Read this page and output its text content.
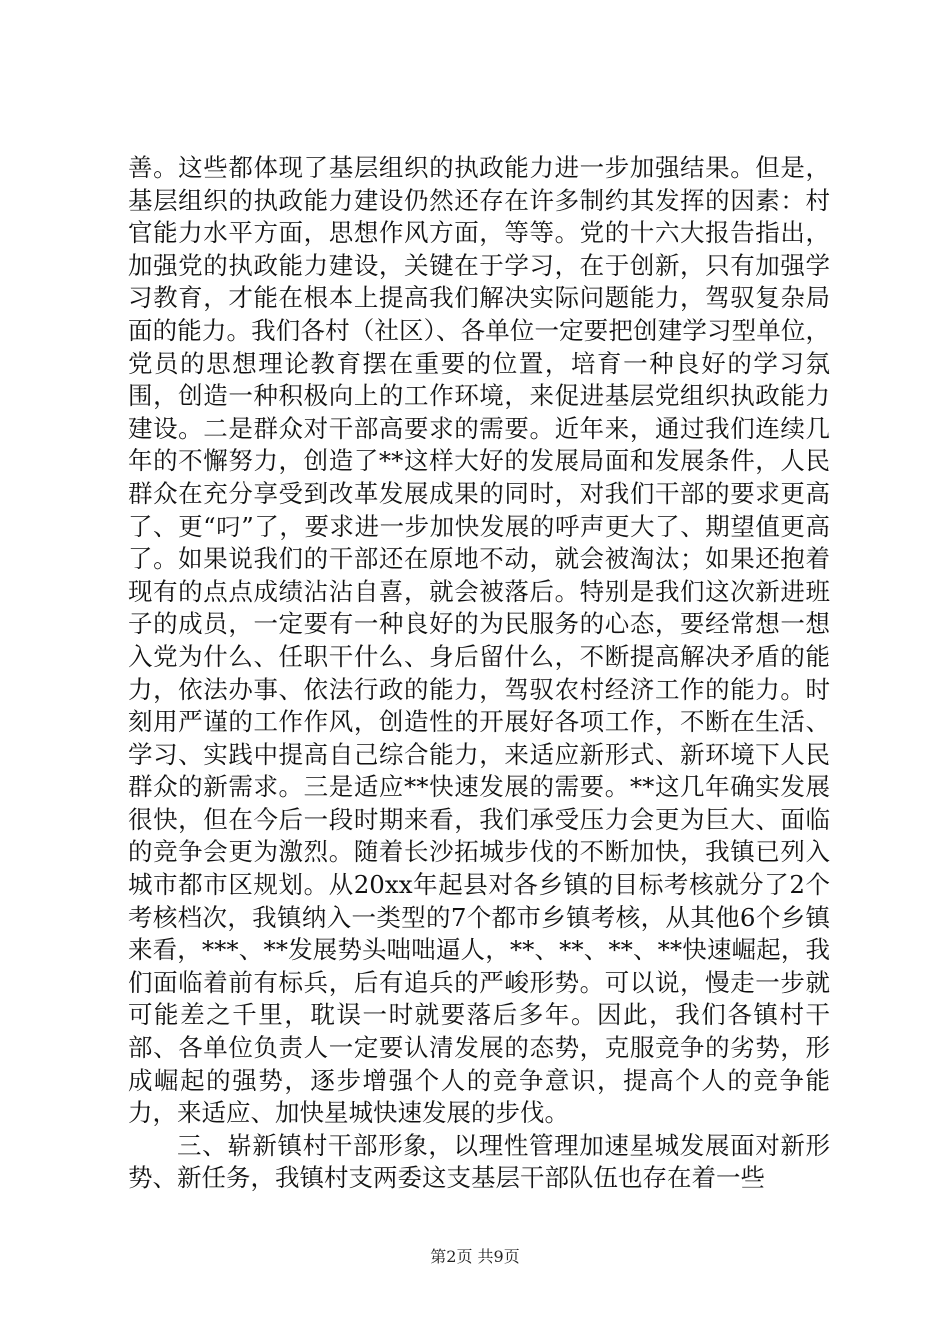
善。这些都体现了基层组织的执政能力进一步加强结果。但是，基层组织的执政能力建设仍然还存在许多制约其发挥的因素：村官能力水平方面，思想作风方面，等等。党的十六大报告指出，加强党的执政能力建设，关键在于学习，在于创新，只有加强学习教育，才能在根本上提高我们解决实际问题能力，驾驭复杂局面的能力。我们各村（社区）、各单位一定要把创建学习型单位，党员的思想理论教育摆在重要的位置，培育一种良好的学习氛围，创造一种积极向上的工作环境，来促进基层党组织执政能力建设。二是群众对干部高要求的需要。近年来，通过我们连续几年的不懈努力，创造了**这样大好的发展局面和发展条件，人民群众在充分享受到改革发展成果的同时，对我们干部的要求更高了、更“叼”了，要求进一步加快发展的呼声更大了、期望值更高了。如果说我们的干部还在原地不动，就会被淘汰；如果还抱着现有的点点成绩沾沾自喜，就会被落后。特别是我们这次新进班子的成员，一定要有一种良好的为民服务的心态，要经常想一想入党为什么、任职干什么、身后留什么，不断提高解决矛盾的能力，依法办事、依法行政的能力，驾驭农村经济工作的能力。时刻用严谨的工作作风，创造性的开展好各项工作，不断在生活、学习、实践中提高自己综合能力，来适应新形式、新环境下人民群众的新需求。三是适应**快速发展的需要。**这几年确实发展很快，但在今后一段时期来看，我们承受压力会更为巨大、面临的竞争会更为激烈。随着长沙拓城步伐的不断加快，我镇已列入城市都市区规划。从20xx年起县对各乡镇的目标考核就分了2个考核档次，我镇纳入一类型的7个都市乡镇考核，从其他6个乡镇来看，***、**发展势头咄咄逼人，**、**、**、**快速崛起，我们面临着前有标兵，后有追兵的严峻形势。可以说，慢走一步就可能差之千里，耽误一时就要落后多年。因此，我们各镇村干部、各单位负责人一定要认清发展的态势，克服竞争的劣势，形成崛起的强势，逐步增强个人的竞争意识，提高个人的竞争能力，来适应、加快星城快速发展的步伐。

三、崭新镇村干部形象，以理性管理加速星城发展面对新形势、新任务，我镇村支两委这支基层干部队伍也存在着一些

第2页 共9页
